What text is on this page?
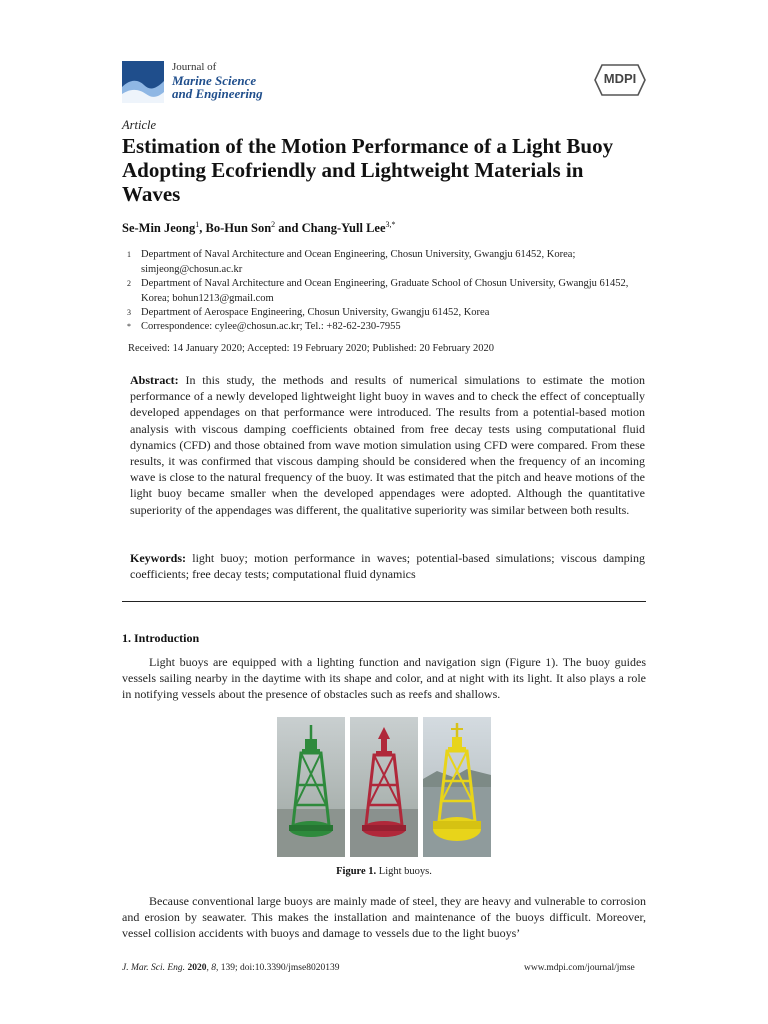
Journal of
Marine Science
and Engineering
MDPI
Article
Estimation of the Motion Performance of a Light Buoy Adopting Ecofriendly and Lightweight Materials in Waves
Se-Min Jeong$^1$, Bo-Hun Son$^2$ and Chang-Yull Lee$^{3,*}$
1 Department of Naval Architecture and Ocean Engineering, Chosun University, Gwangju 61452, Korea; simjeong@chosun.ac.kr
2 Department of Naval Architecture and Ocean Engineering, Graduate School of Chosun University, Gwangju 61452, Korea; bohun1213@gmail.com
3 Department of Aerospace Engineering, Chosun University, Gwangju 61452, Korea
* Correspondence: cylee@chosun.ac.kr; Tel.: +82-62-230-7955
Received: 14 January 2020; Accepted: 19 February 2020; Published: 20 February 2020
Abstract: In this study, the methods and results of numerical simulations to estimate the motion performance of a newly developed lightweight light buoy in waves and to check the effect of conceptually developed appendages on that performance were introduced. The results from a potential-based motion analysis with viscous damping coefficients obtained from free decay tests using computational fluid dynamics (CFD) and those obtained from wave motion simulation using CFD were compared. From these results, it was confirmed that viscous damping should be considered when the frequency of an incoming wave is close to the natural frequency of the buoy. It was estimated that the pitch and heave motions of the light buoy became smaller when the developed appendages were adopted. Although the quantitative superiority of the appendages was different, the qualitative superiority was similar between both results.
Keywords: light buoy; motion performance in waves; potential-based simulations; viscous damping coefficients; free decay tests; computational fluid dynamics
1. Introduction
Light buoys are equipped with a lighting function and navigation sign (Figure 1). The buoy guides vessels sailing nearby in the daytime with its shape and color, and at night with its light. It also plays a role in notifying vessels about the presence of obstacles such as reefs and shallows.
Figure 1. Light buoys.
Because conventional large buoys are mainly made of steel, they are heavy and vulnerable to corrosion and erosion by seawater. This makes the installation and maintenance of the buoys difficult. Moreover, vessel collision accidents with buoys and damage to vessels due to the light buoys’
J. Mar. Sci. Eng. 2020, 8, 139; doi:10.3390/jmse8020139	www.mdpi.com/journal/jmse
